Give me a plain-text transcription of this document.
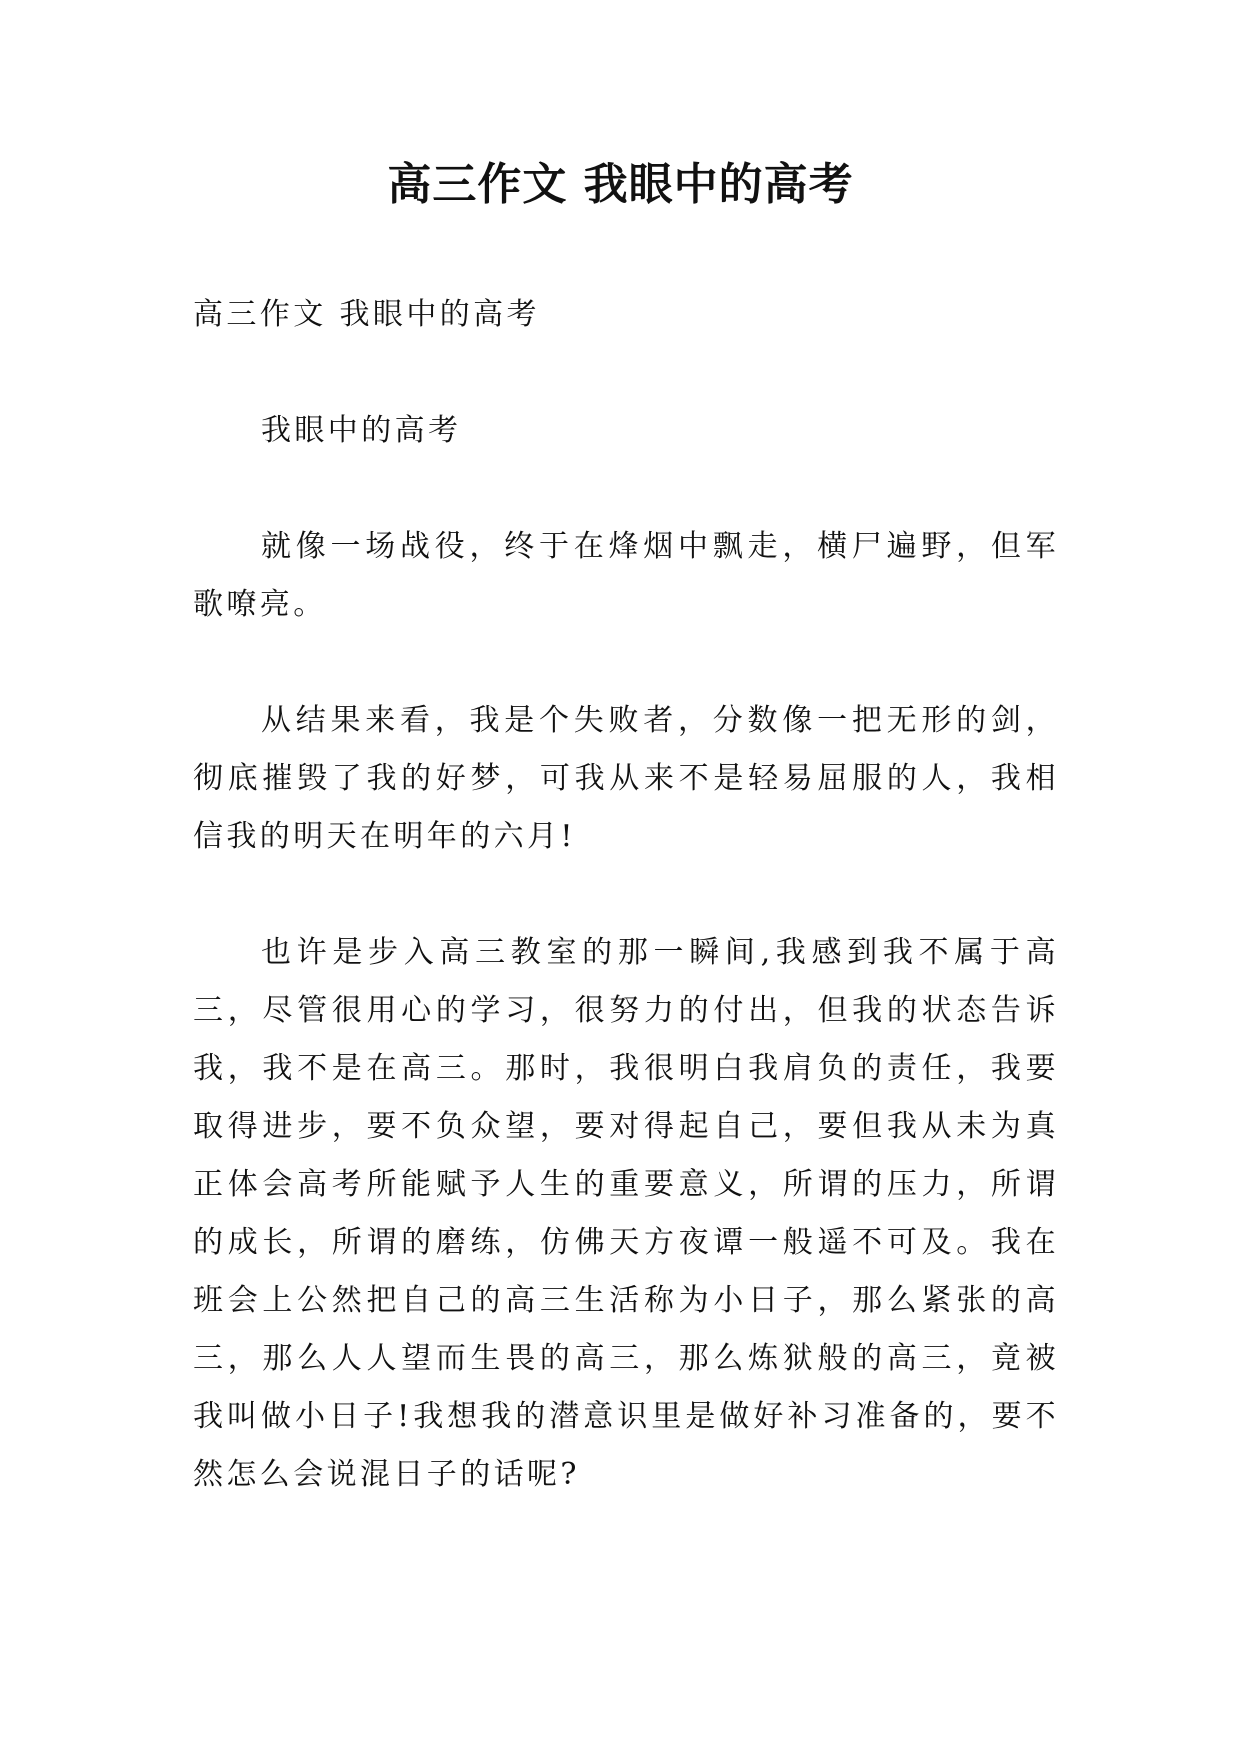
高三作文 我眼中的高考

高三作文 我眼中的高考

我眼中的高考

就像一场战役，终于在烽烟中飘走，横尸遍野，但军歌嘹亮。

从结果来看，我是个失败者，分数像一把无形的剑，彻底摧毁了我的好梦，可我从来不是轻易屈服的人，我相信我的明天在明年的六月!

也许是步入高三教室的那一瞬间,我感到我不属于高三，尽管很用心的学习，很努力的付出，但我的状态告诉我，我不是在高三。那时，我很明白我肩负的责任，我要取得进步，要不负众望，要对得起自己，要但我从未为真正体会高考所能赋予人生的重要意义，所谓的压力，所谓的成长，所谓的磨练，仿佛天方夜谭一般遥不可及。我在班会上公然把自己的高三生活称为小日子，那么紧张的高三，那么人人望而生畏的高三，那么炼狱般的高三，竟被我叫做小日子!我想我的潜意识里是做好补习准备的，要不然怎么会说混日子的话呢?
